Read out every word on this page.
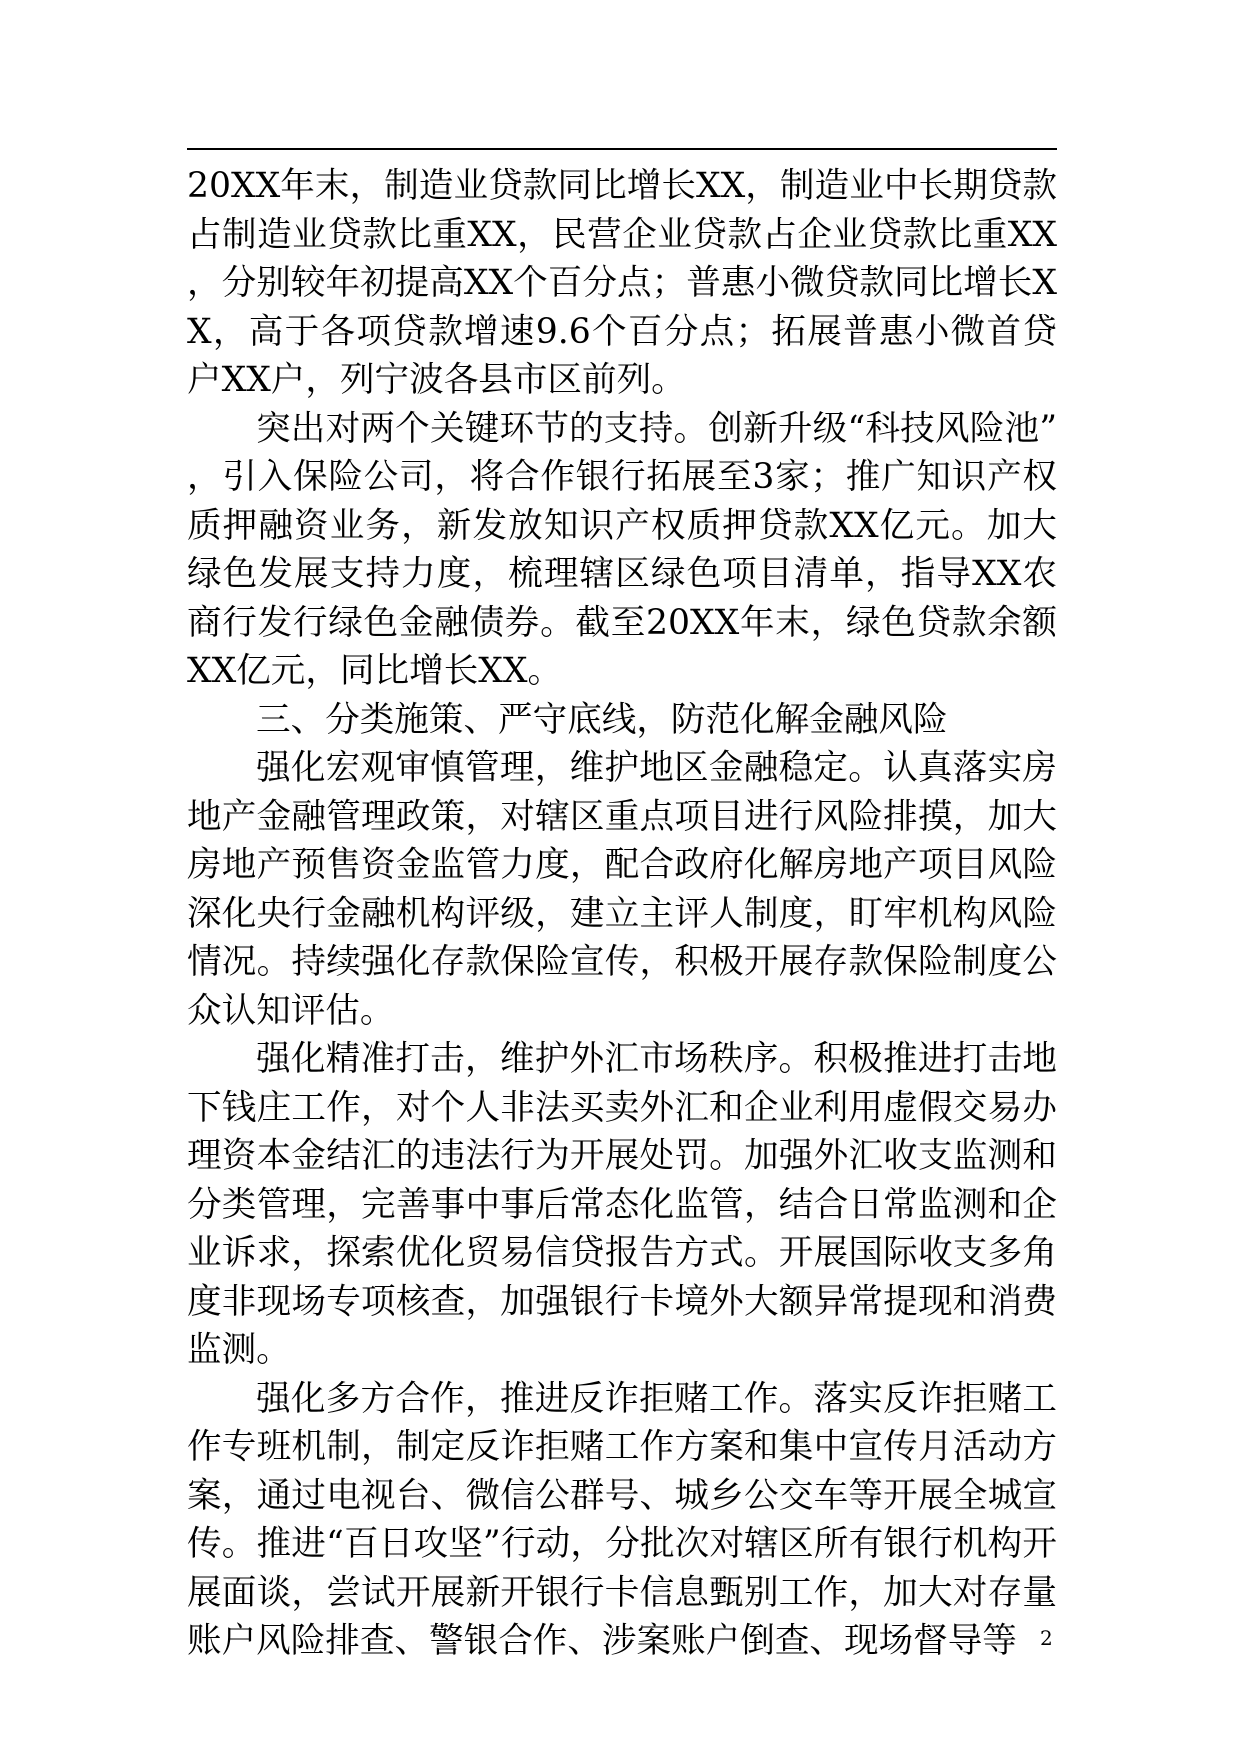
20XX年末，制造业贷款同比增长XX，制造业中长期贷款占制造业贷款比重XX，民营企业贷款占企业贷款比重XX，分别较年初提高XX个百分点；普惠小微贷款同比增长XX，高于各项贷款增速9.6个百分点；拓展普惠小微首贷户XX户，列宁波各县市区前列。

突出对两个关键环节的支持。创新升级“科技风险池”，引入保险公司，将合作银行拓展至3家；推广知识产权质押融资业务，新发放知识产权质押贷款XX亿元。加大绿色发展支持力度，梳理辖区绿色项目清单，指导XX农商行发行绿色金融债券。截至20XX年末，绿色贷款余额XX亿元，同比增长XX。

三、分类施策、严守底线，防范化解金融风险

强化宏观审慎管理，维护地区金融稳定。认真落实房地产金融管理政策，对辖区重点项目进行风险排摸，加大房地产预售资金监管力度，配合政府化解房地产项目风险深化央行金融机构评级，建立主评人制度，盯牢机构风险情况。持续强化存款保险宣传，积极开展存款保险制度公众认知评估。

强化精准打击，维护外汇市场秩序。积极推进打击地下钱庄工作，对个人非法买卖外汇和企业利用虚假交易办理资本金结汇的违法行为开展处罚。加强外汇收支监测和分类管理，完善事中事后常态化监管，结合日常监测和企业诉求，探索优化贸易信贷报告方式。开展国际收支多角度非现场专项核查，加强银行卡境外大额异常提现和消费监测。

强化多方合作，推进反诈拒赌工作。落实反诈拒赌工作专班机制，制定反诈拒赌工作方案和集中宣传月活动方案，通过电视台、微信公群号、城乡公交车等开展全城宣传。推进“百日攻坚”行动，分批次对辖区所有银行机构开展面谈，尝试开展新开银行卡信息甄别工作，加大对存量账户风险排查、警银合作、涉案账户倒查、现场督导等	2
